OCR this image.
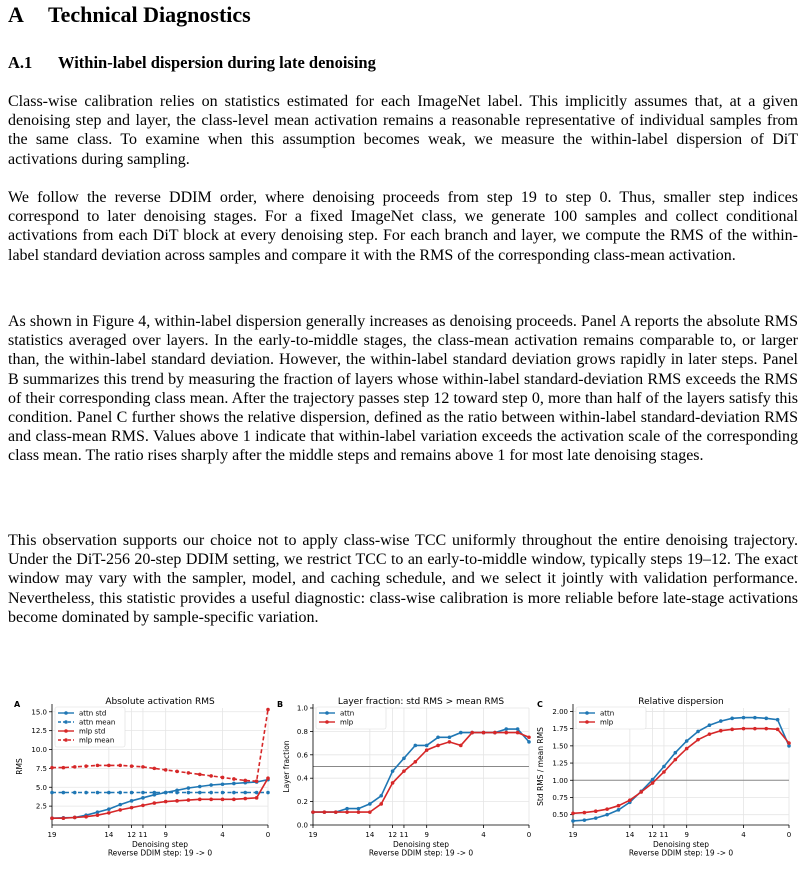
A Technical Diagnostics
A.1 Within-label dispersion during late denoising

Class-wise calibration relies on statistics estimated for each ImageNet label. This implicitly assumes that, at a given denoising step and layer, the class-level mean activation remains a reasonable representative of individual samples from the same class. To examine when this assumption becomes weak, we measure the within-label dispersion of DiT activations during sampling.

We follow the reverse DDIM order, where denoising proceeds from step 19 to step 0. Thus, smaller step indices correspond to later denoising stages. For a fixed ImageNet class, we generate 100 samples and collect conditional activations from each DiT block at every denoising step. For each branch and layer, we compute the RMS of the within-label standard deviation across samples and compare it with the RMS of the corresponding class-mean activation.

As shown in Figure 4, within-label dispersion generally increases as denoising proceeds. Panel A reports the absolute RMS statistics averaged over layers. In the early-to-middle stages, the class-mean activation remains comparable to, or larger than, the within-label standard deviation. However, the within-label standard deviation grows rapidly in later steps. Panel B summarizes this trend by measuring the fraction of layers whose within-label standard-deviation RMS exceeds the RMS of their corresponding class mean. After the trajectory passes step 12 toward step 0, more than half of the layers satisfy this condition. Panel C further shows the relative dispersion, defined as the ratio between within-label standard-deviation RMS and class-mean RMS. Values above 1 indicate that within-label variation exceeds the activation scale of the corresponding class mean. The ratio rises sharply after the middle steps and remains above 1 for most late denoising stages.

This observation supports our choice not to apply class-wise TCC uniformly throughout the entire denoising trajectory. Under the DiT-256 20-step DDIM setting, we restrict TCC to an early-to-middle window, typically steps 19–12. The exact window may vary with the sampler, model, and caching schedule, and we select it jointly with validation performance. Nevertheless, this statistic provides a useful diagnostic: class-wise calibration is more reliable before late-stage activations become dominated by sample-specific variation.

19	14 12 11 9	4	0
2.5
5.0
7.5
10.0
12.5
15.0
Absolute activation RMS
A
Denoising step
Reverse DDIM step: 19 -> 0
RMS
attn std
attn mean
mlp std
mlp mean
19	14 12 11 9	4	0
0.0
0.2
0.4
0.6
0.8
1.0
Layer fraction: std RMS > mean RMS
B
Denoising step
Reverse DDIM step: 19 -> 0
Layer fraction
attn
mlp
19	14 12 11 9	4	0
0.50
0.75
1.00
1.25
1.50
1.75
2.00
Relative dispersion
C
Denoising step
Reverse DDIM step: 19 -> 0
Std RMS / mean RMS
attn
mlp
